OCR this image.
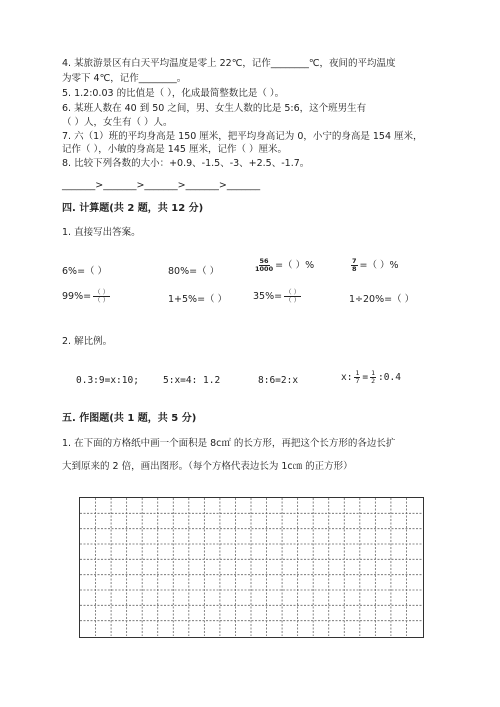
4. 某旅游景区有白天平均温度是零上 22℃，记作________℃，夜间的平均温度
为零下 4℃，记作________。
5. 1.2:0.03 的比值是（ ），化成最简整数比是（ ）。
6. 某班人数在 40 到 50 之间，男、女生人数的比是 5:6，这个班男生有
（ ）人，女生有（ ）人。
7. 六（1）班的平均身高是 150 厘米，把平均身高记为 0，小宁的身高是 154 厘米，
记作（ ），小敏的身高是 145 厘米，记作（ ）厘米。
8. 比较下列各数的大小：+0.9、-1.5、-3、+2.5、-1.7。
_______>_______>_______>_______>_______
四. 计算题(共 2 题，共 12 分)
1. 直接写出答案。
6%=（ ）	80%=（ ）	$\frac{56}{1000}$ =（ ）%	$\frac{7}{8}$ =（ ）%
$99\%= \frac{( )}{( )}$	1+5%=（ ）	$35\%= \frac{( )}{( )}$	1÷20%=（ ）
2. 解比例。
0.3:9=x:10;	5:x=4: 1.2	8:6=2:x	x: $\frac{1}{7} = \frac{1}{2}$ :0.4
五. 作图题(共 1 题，共 5 分)
1. 在下面的方格纸中画一个面积是 8c㎡ 的长方形，再把这个长方形的各边长扩
大到原来的 2 倍，画出图形。（每个方格代表边长为 1c㎝ 的正方形）
